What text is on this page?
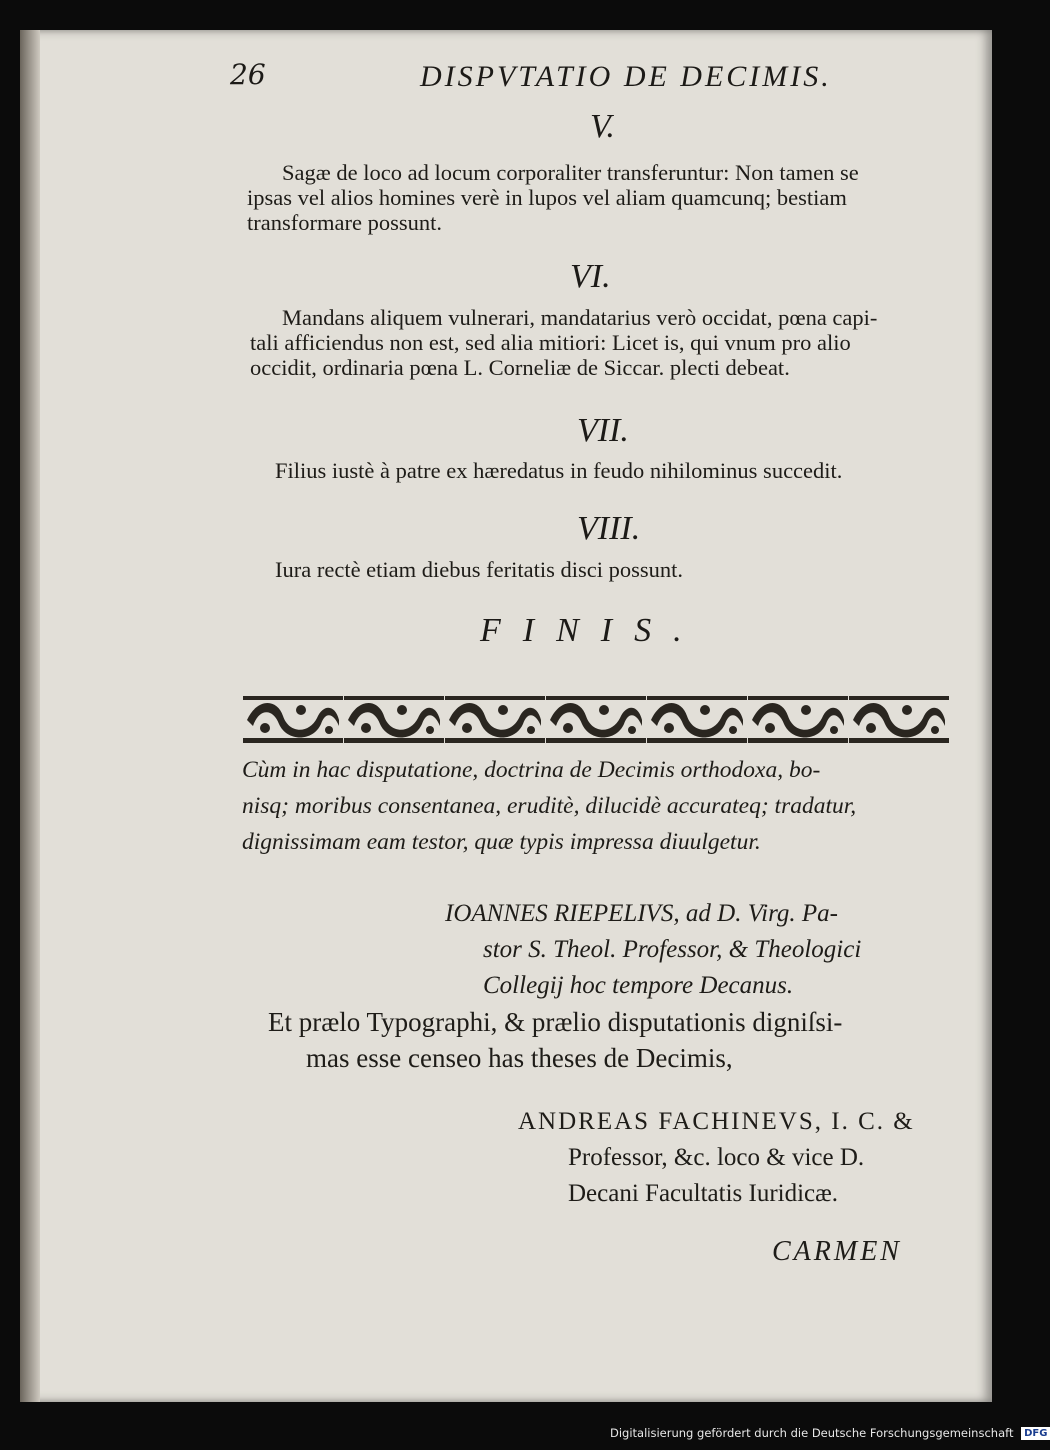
26	DISPVTATIO DE DECIMIS.
V.
Sagæ de loco ad locum corporaliter transferuntur: Non tamen se
ipsas vel alios homines verè in lupos vel aliam quamcunq; bestiam
transformare possunt.
VI.
Mandans aliquem vulnerari, mandatarius verò occidat, pœna capi-
tali afficiendus non est, sed alia mitiori: Licet is, qui vnum pro alio
occidit, ordinaria pœna L. Corneliæ de Siccar. plecti debeat.
VII.
Filius iustè à patre ex hæredatus in feudo nihilominus succedit.
VIII.
Iura rectè etiam diebus feritatis disci possunt.
FINIS.
Cùm in hac disputatione, doctrina de Decimis orthodoxa, bo-
nisq; moribus consentanea, eruditè, dilucidè accurateq; tradatur,
dignissimam eam testor, quæ typis impressa diuulgetur.
IOANNES RIEPELIVS, ad D. Virg. Pa-
stor S. Theol. Professor, & Theologici
Collegij hoc tempore Decanus.
Et prælo Typographi, & prælio disputationis digniſsi-
mas esse censeo has theses de Decimis,
ANDREAS FACHINEVS, I. C. &
Professor, &c. loco & vice D.
Decani Facultatis Iuridicæ.
CARMEN
Digitalisierung gefördert durch die Deutsche Forschungsgemeinschaft DFG
